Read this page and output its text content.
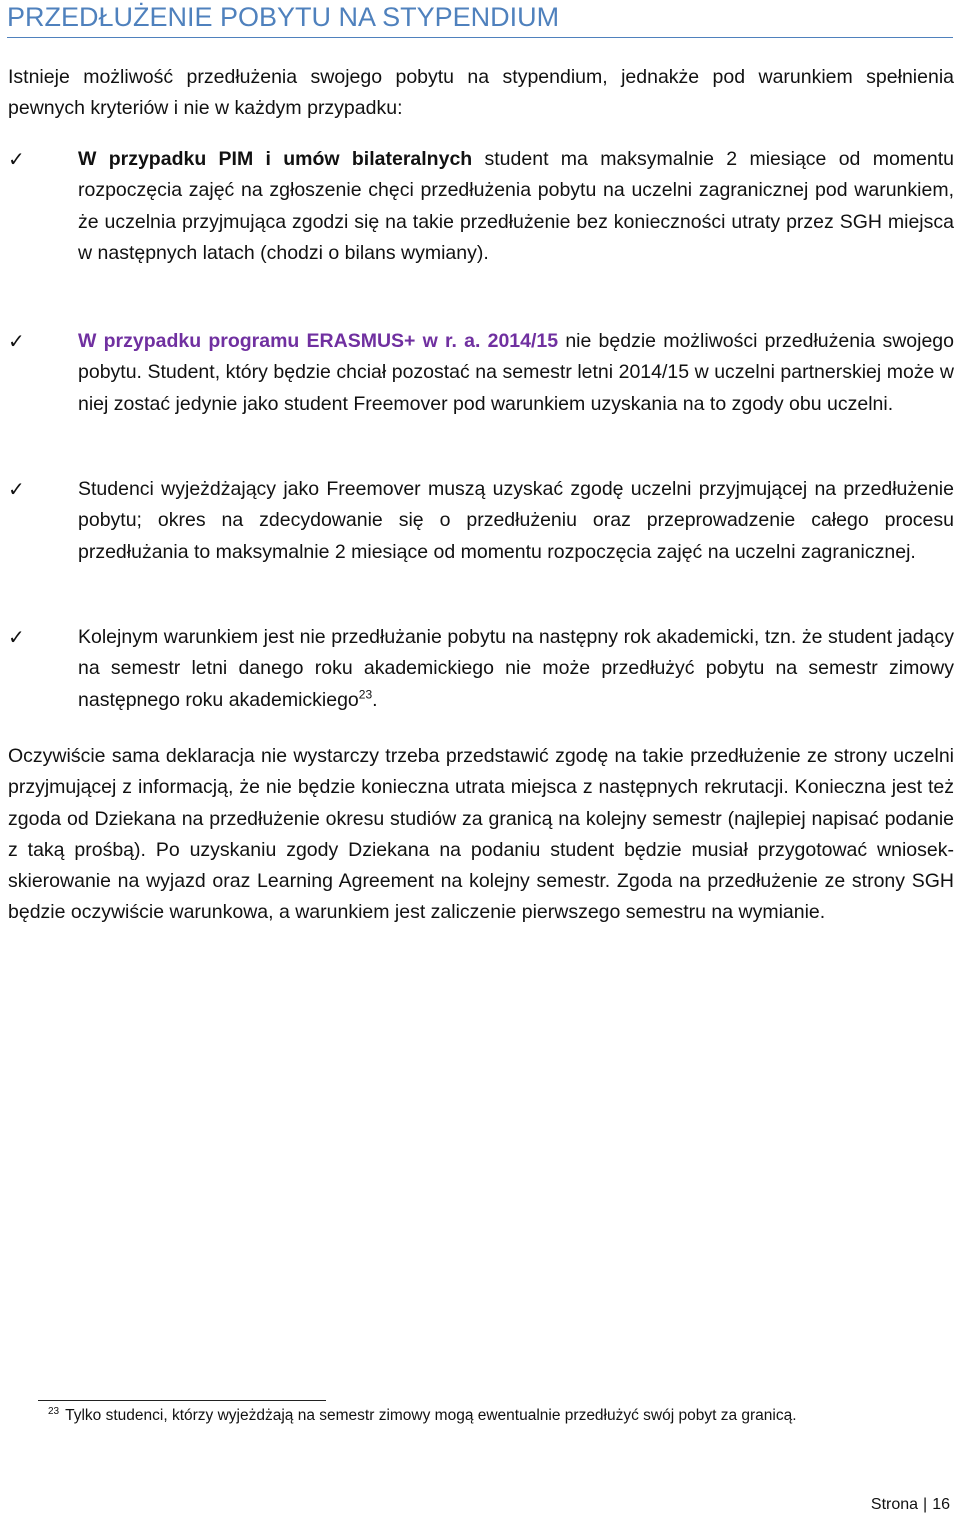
PRZEDŁUŻENIE POBYTU NA STYPENDIUM

Istnieje możliwość przedłużenia swojego pobytu na stypendium, jednakże pod warunkiem spełnienia pewnych kryteriów i nie w każdym przypadku:

✓	W przypadku PIM i umów bilateralnych student ma maksymalnie 2 miesiące od momentu rozpoczęcia zajęć na zgłoszenie chęci przedłużenia pobytu na uczelni zagranicznej pod warunkiem, że uczelnia przyjmująca zgodzi się na takie przedłużenie bez konieczności utraty przez SGH miejsca w następnych latach (chodzi o bilans wymiany).
✓	W przypadku programu ERASMUS+ w r. a. 2014/15 nie będzie możliwości przedłużenia swojego pobytu. Student, który będzie chciał pozostać na semestr letni 2014/15 w uczelni partnerskiej może w niej zostać jedynie jako student Freemover pod warunkiem uzyskania na to zgody obu uczelni.
✓	Studenci wyjeżdżający jako Freemover muszą uzyskać zgodę uczelni przyjmującej na przedłużenie pobytu; okres na zdecydowanie się o przedłużeniu oraz przeprowadzenie całego procesu przedłużania to maksymalnie 2 miesiące od momentu rozpoczęcia zajęć na uczelni zagranicznej.
✓	Kolejnym warunkiem jest nie przedłużanie pobytu na następny rok akademicki, tzn. że student jadący na semestr letni danego roku akademickiego nie może przedłużyć pobytu na semestr zimowy następnego roku akademickiego$^{23}$.

Oczywiście sama deklaracja nie wystarczy trzeba przedstawić zgodę na takie przedłużenie ze strony uczelni przyjmującej z informacją, że nie będzie konieczna utrata miejsca z następnych rekrutacji. Konieczna jest też zgoda od Dziekana na przedłużenie okresu studiów za granicą na kolejny semestr (najlepiej napisać podanie z taką prośbą). Po uzyskaniu zgody Dziekana na podaniu student będzie musiał przygotować wniosek-skierowanie na wyjazd oraz Learning Agreement na kolejny semestr. Zgoda na przedłużenie ze strony SGH będzie oczywiście warunkowa, a warunkiem jest zaliczenie pierwszego semestru na wymianie.

$^{23}$ Tylko studenci, którzy wyjeżdżają na semestr zimowy mogą ewentualnie przedłużyć swój pobyt za granicą.

Strona | 16
